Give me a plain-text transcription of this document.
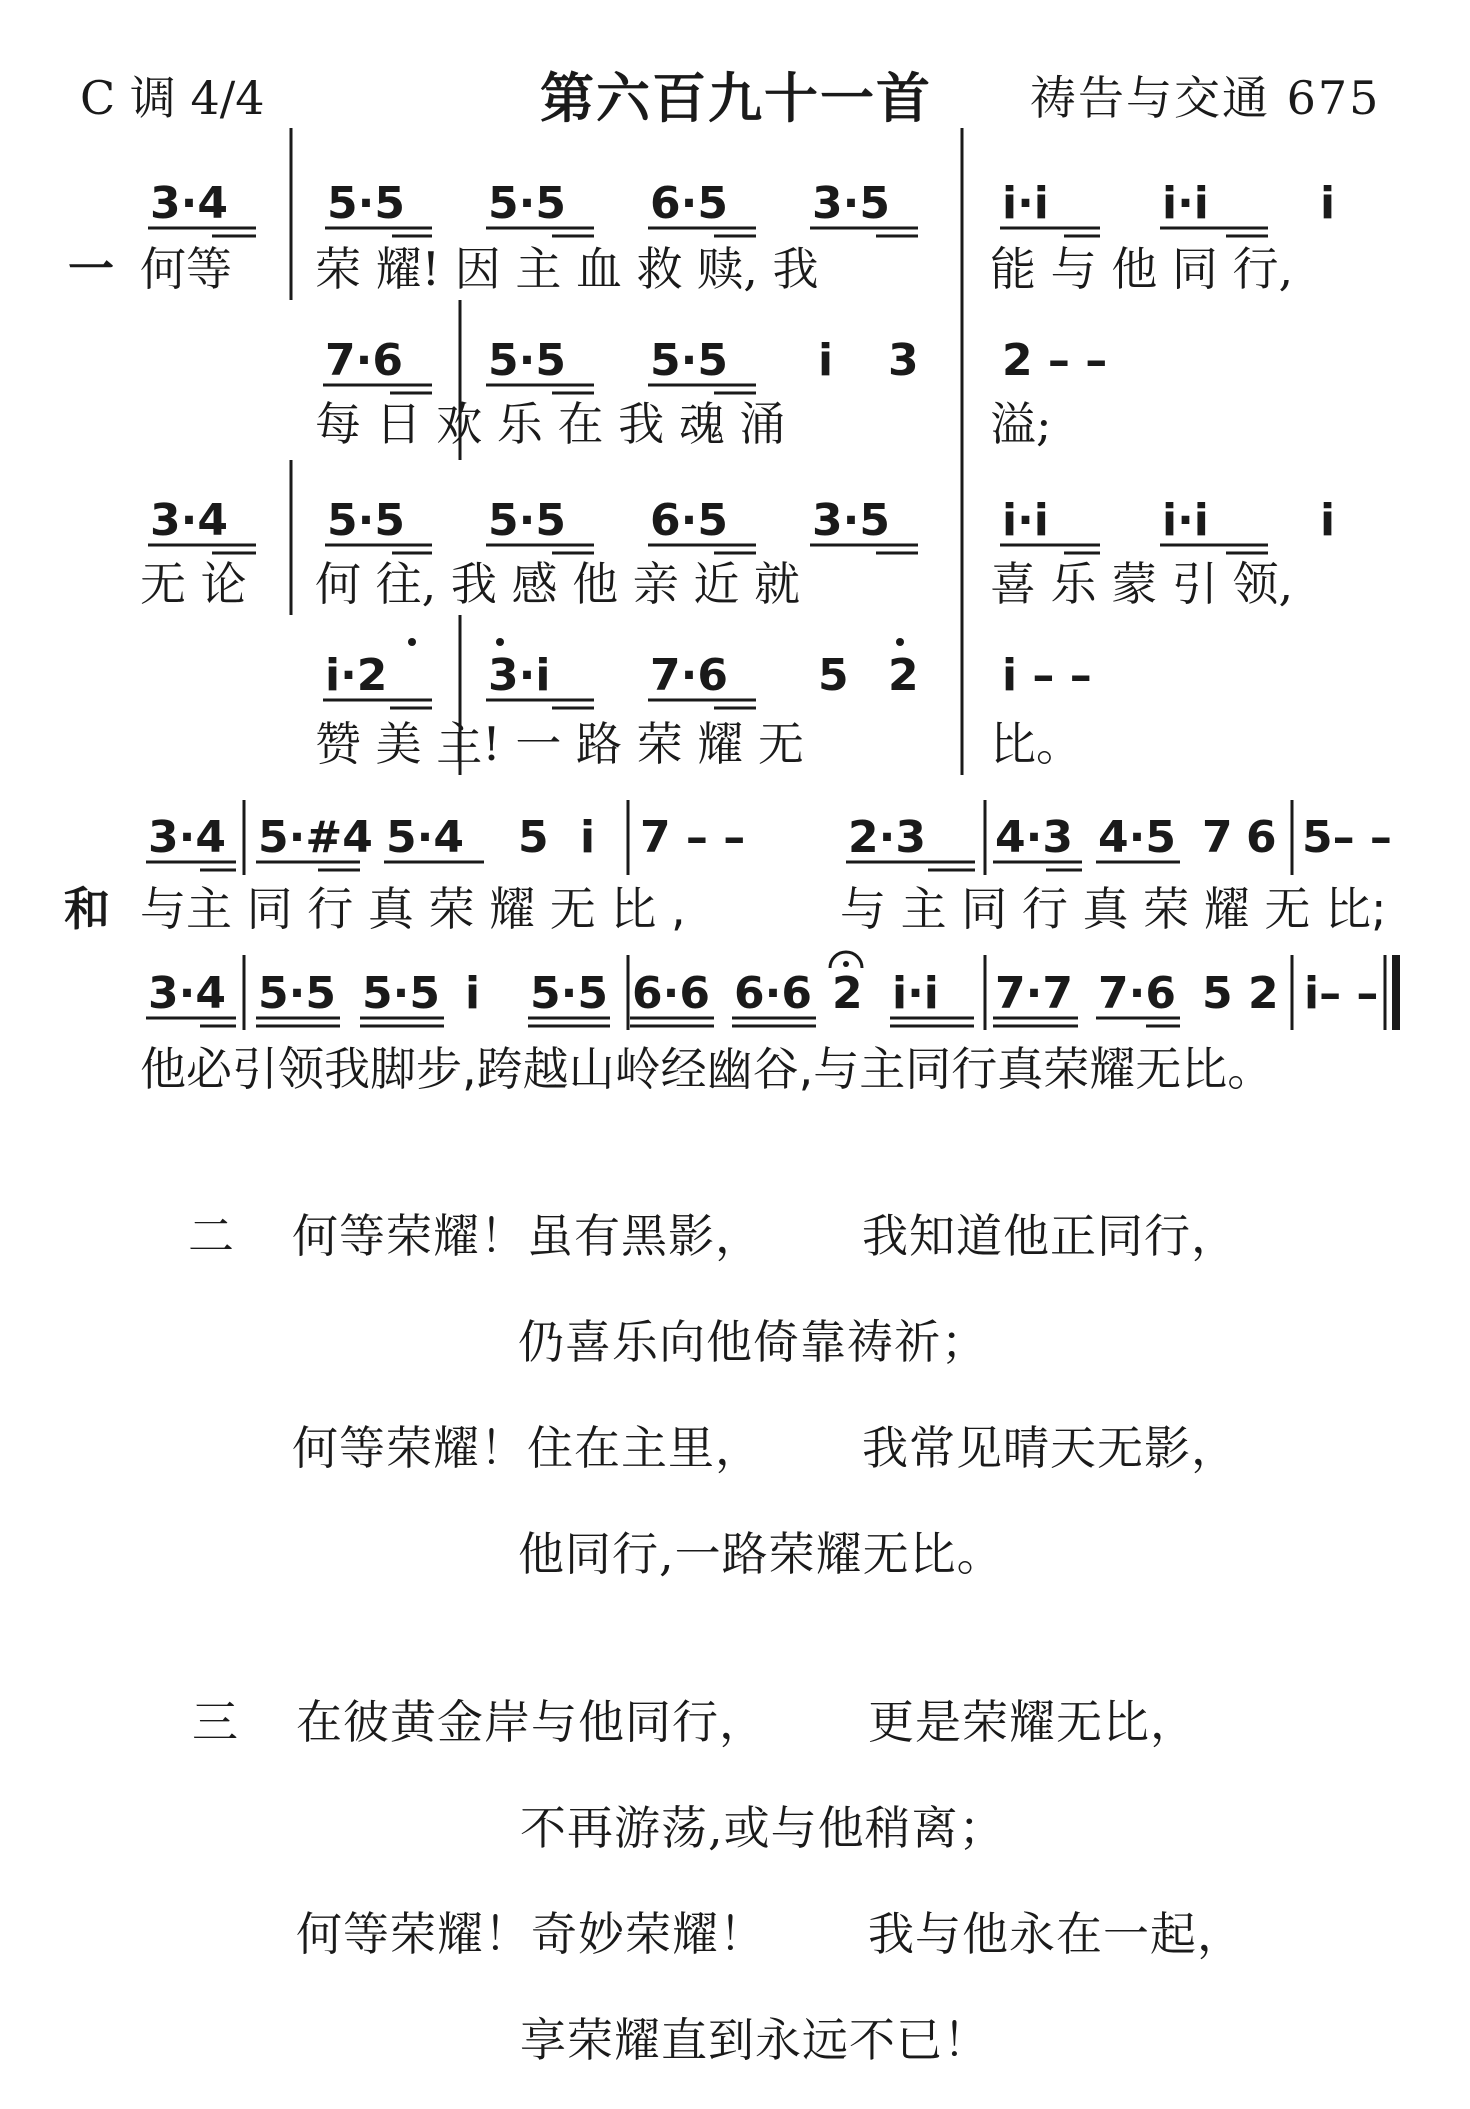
C 调 4/4	第六百九十一首 祷告与交通 675
3·4 5·5 5·5 6·5 3·5	i·i	i·i	i
一 何等 荣 耀! 因 主 血 救 赎, 我	能 与 他 同 行,
7·6 5·5 5·5 i 3 2 – –
每 日 欢 乐 在 我 魂 涌	溢;
3·4 5·5 5·5 6·5 3·5	i·i	i·i	i
无 论 何 往, 我 感 他 亲 近 就	喜 乐 蒙 引 领,
i·2 3·i 7·6 5 2 i – –
赞 美 主! 一 路 荣 耀 无	比。
3·4 5·#4 5·4 5 i 7 – – 2·3 4·3 4·5 7 6 5– –
和 与主 同 行 真 荣 耀 无 比 ,	与 主 同 行 真 荣 耀 无 比;
3·4 5·5 5·5 i 5·5 6·6 6·6 2 i·i 7·7 7·6 5 2 i– –
他必引领我脚步,跨越山岭经幽谷,与主同行真荣耀无比。
二 何等荣耀！虽有黑影， 我知道他正同行，
仍喜乐向他倚靠祷祈；
何等荣耀！住在主里， 我常见晴天无影，
他同行,一路荣耀无比。
三 在彼黄金岸与他同行， 更是荣耀无比，
不再游荡,或与他稍离；
何等荣耀！奇妙荣耀！ 我与他永在一起，
享荣耀直到永远不已！
